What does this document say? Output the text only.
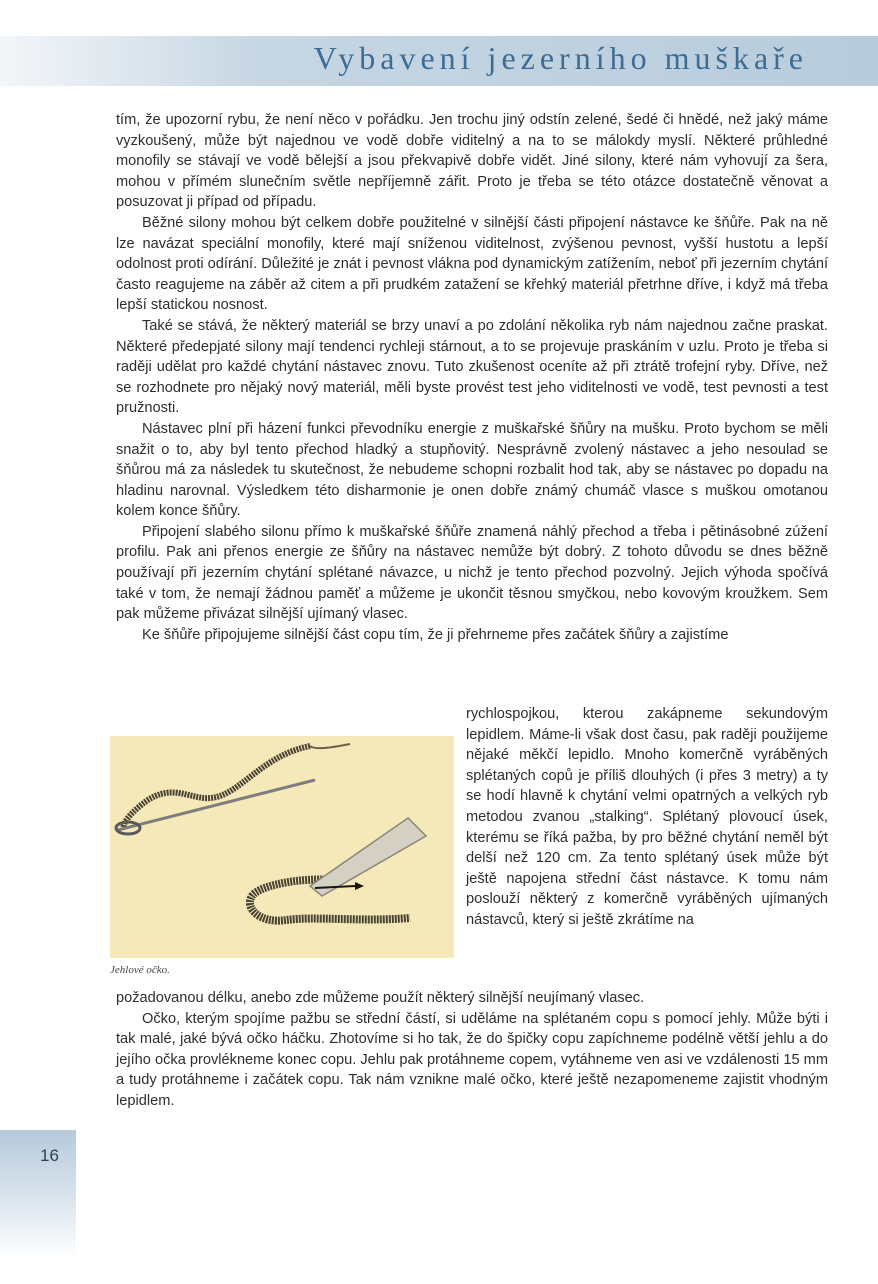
Vybavení jezerního muškaře

tím, že upozorní rybu, že není něco v pořádku. Jen trochu jiný odstín zelené, šedé či hnědé, než jaký máme vyzkoušený, může být najednou ve vodě dobře viditelný a na to se málokdy myslí. Některé průhledné monofily se stávají ve vodě bělejší a jsou překvapivě dobře vidět. Jiné silony, které nám vyhovují za šera, mohou v přímém slunečním světle nepříjemně zářit. Proto je třeba se této otázce dostatečně věnovat a posuzovat ji případ od případu.

Běžné silony mohou být celkem dobře použitelné v silnější části připojení nástavce ke šňůře. Pak na ně lze navázat speciální monofily, které mají sníženou viditelnost, zvýšenou pevnost, vyšší hustotu a lepší odolnost proti odírání. Důležité je znát i pevnost vlákna pod dynamickým zatížením, neboť při jezerním chytání často reagujeme na záběr až citem a při prudkém zatažení se křehký materiál přetrhne dříve, i když má třeba lepší statickou nosnost.

Také se stává, že některý materiál se brzy unaví a po zdolání několika ryb nám najednou začne praskat. Některé předepjaté silony mají tendenci rychleji stárnout, a to se projevuje praskáním v uzlu. Proto je třeba si raději udělat pro každé chytání nástavec znovu. Tuto zkušenost oceníte až při ztrátě trofejní ryby. Dříve, než se rozhodnete pro nějaký nový materiál, měli byste provést test jeho viditelnosti ve vodě, test pevnosti a test pružnosti.

Nástavec plní při házení funkci převodníku energie z muškařské šňůry na mušku. Proto bychom se měli snažit o to, aby byl tento přechod hladký a stupňovitý. Nesprávně zvolený nástavec a jeho nesoulad se šňůrou má za následek tu skutečnost, že nebudeme schopni rozbalit hod tak, aby se nástavec po dopadu na hladinu narovnal. Výsledkem této disharmonie je onen dobře známý chumáč vlasce s muškou omotanou kolem konce šňůry.

Připojení slabého silonu přímo k muškařské šňůře znamená náhlý přechod a třeba i pětinásobné zúžení profilu. Pak ani přenos energie ze šňůry na nástavec nemůže být dobrý. Z tohoto důvodu se dnes běžně používají při jezerním chytání splétané návazce, u nichž je tento přechod pozvolný. Jejich výhoda spočívá také v tom, že nemají žádnou paměť a můžeme je ukončit těsnou smyčkou, nebo kovovým kroužkem. Sem pak můžeme přivázat silnější ujímaný vlasec.

Ke šňůře připojujeme silnější část copu tím, že ji přehrneme přes začátek šňůry a zajistíme

Jehlové očko.

rychlospojkou, kterou zakápneme sekundovým lepidlem. Máme-li však dost času, pak raději použijeme nějaké měkčí lepidlo. Mnoho komerčně vyráběných splétaných copů je příliš dlouhých (i přes 3 metry) a ty se hodí hlavně k chytání velmi opatrných a velkých ryb metodou zvanou „stalking“. Splétaný plovoucí úsek, kterému se říká pažba, by pro běžné chytání neměl být delší než 120 cm. Za tento splétaný úsek může být ještě napojena střední část nástavce. K tomu nám poslouží některý z komerčně vyráběných ujímaných nástavců, který si ještě zkrátíme na

požadovanou délku, anebo zde můžeme použít některý silnější neujímaný vlasec.

Očko, kterým spojíme pažbu se střední částí, si uděláme na splétaném copu s pomocí jehly. Může býti i tak malé, jaké bývá očko háčku. Zhotovíme si ho tak, že do špičky copu zapíchneme podélně větší jehlu a do jejího očka provlékneme konec copu. Jehlu pak protáhneme copem, vytáhneme ven asi ve vzdálenosti 15 mm a tudy protáhneme i začátek copu. Tak nám vznikne malé očko, které ještě nezapomeneme zajistit vhodným lepidlem.

16
